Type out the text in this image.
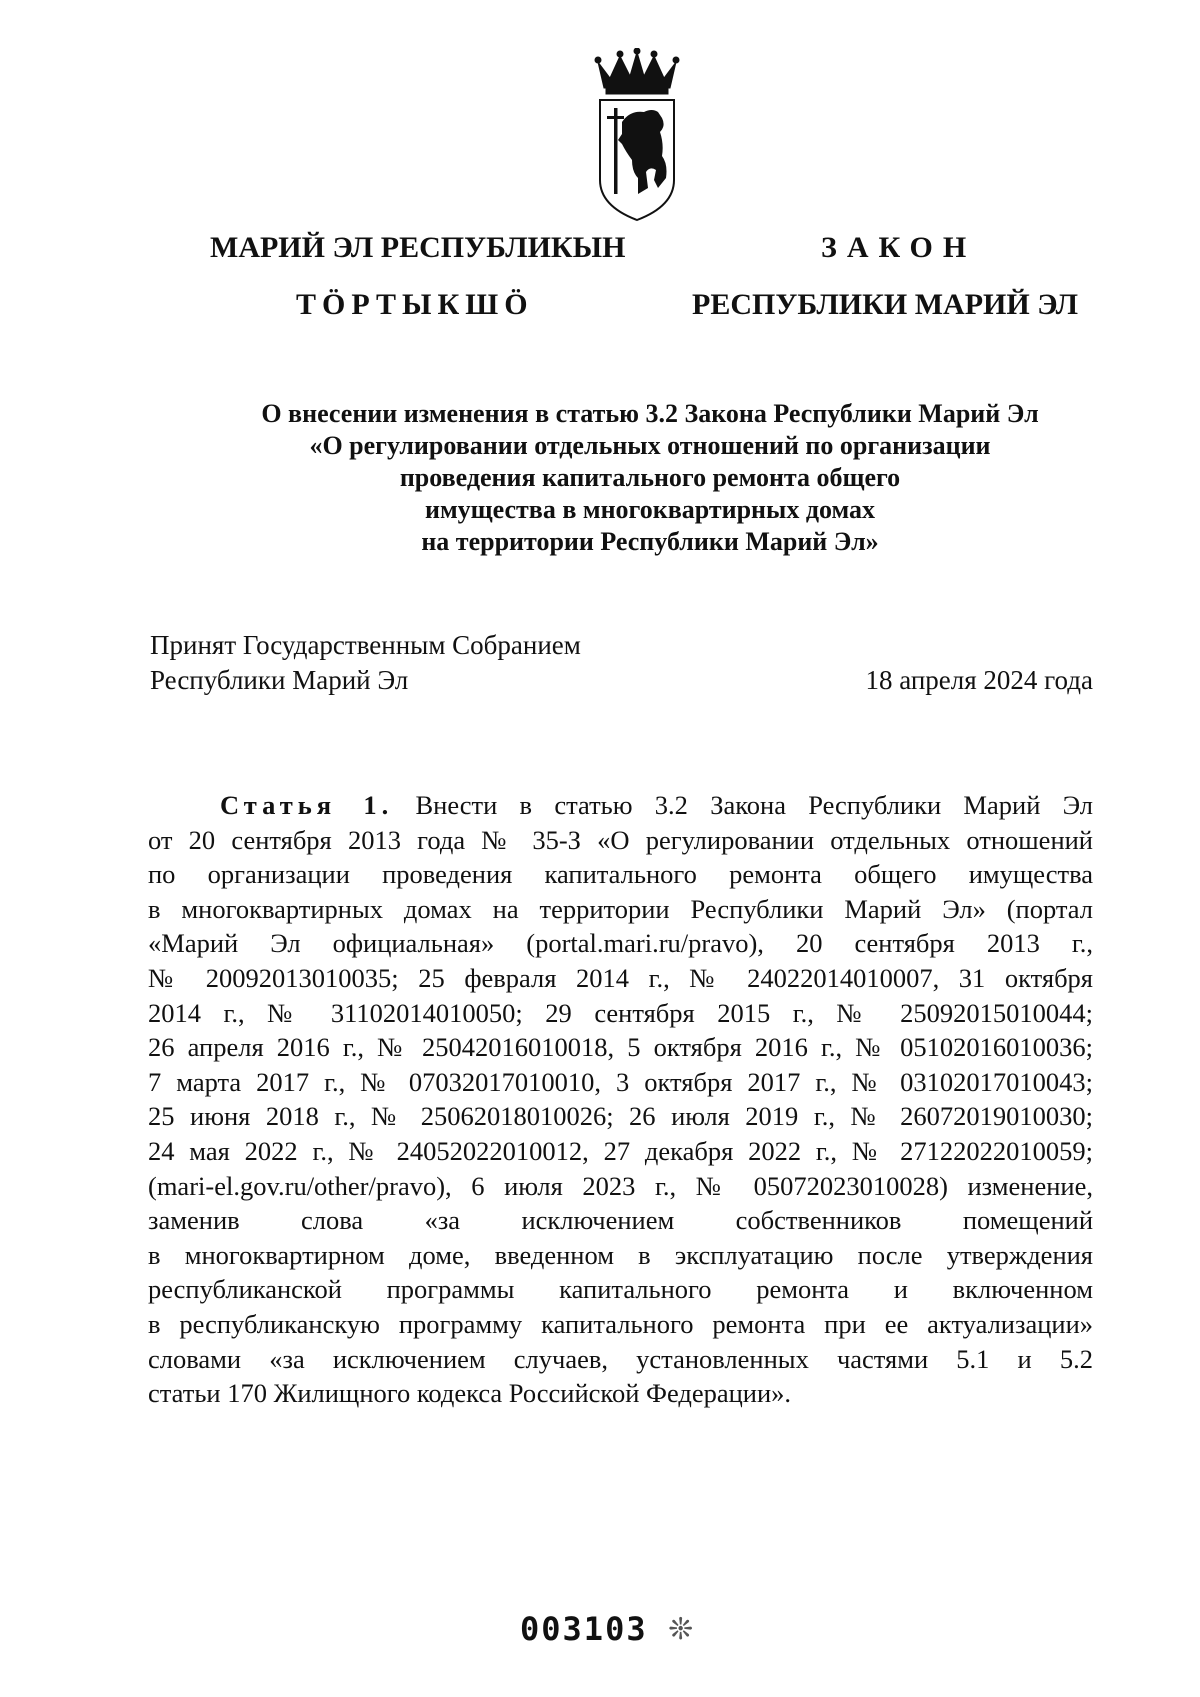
МАРИЙ ЭЛ РЕСПУБЛИКЫН
ТӦРТЫКШӦ
ЗАКОН
РЕСПУБЛИКИ МАРИЙ ЭЛ
О внесении изменения в статью 3.2 Закона Республики Марий Эл
«О регулировании отдельных отношений по организации
проведения капитального ремонта общего
имущества в многоквартирных домах
на территории Республики Марий Эл»
Принят Государственным Собранием
Республики Марий Эл	18 апреля 2024 года
Статья 1. Внести в статью 3.2 Закона Республики Марий Эл
от 20 сентября 2013 года № 35-З «О регулировании отдельных отношений
по организации проведения капитального ремонта общего имущества
в многоквартирных домах на территории Республики Марий Эл» (портал
«Марий Эл официальная» (portal.mari.ru/pravo), 20 сентября 2013 г.,
№ 20092013010035; 25 февраля 2014 г., № 24022014010007, 31 октября
2014 г., № 31102014010050; 29 сентября 2015 г., № 25092015010044;
26 апреля 2016 г., № 25042016010018, 5 октября 2016 г., № 05102016010036;
7 марта 2017 г., № 07032017010010, 3 октября 2017 г., № 03102017010043;
25 июня 2018 г., № 25062018010026; 26 июля 2019 г., № 26072019010030;
24 мая 2022 г., № 24052022010012, 27 декабря 2022 г., № 27122022010059;
(mari-el.gov.ru/other/pravo), 6 июля 2023 г., № 05072023010028) изменение,
заменив слова «за исключением собственников помещений
в многоквартирном доме, введенном в эксплуатацию после утверждения
республиканской программы капитального ремонта и включенном
в республиканскую программу капитального ремонта при ее актуализации»
словами «за исключением случаев, установленных частями 5.1 и 5.2
статьи 170 Жилищного кодекса Российской Федерации».
003103 ❊
